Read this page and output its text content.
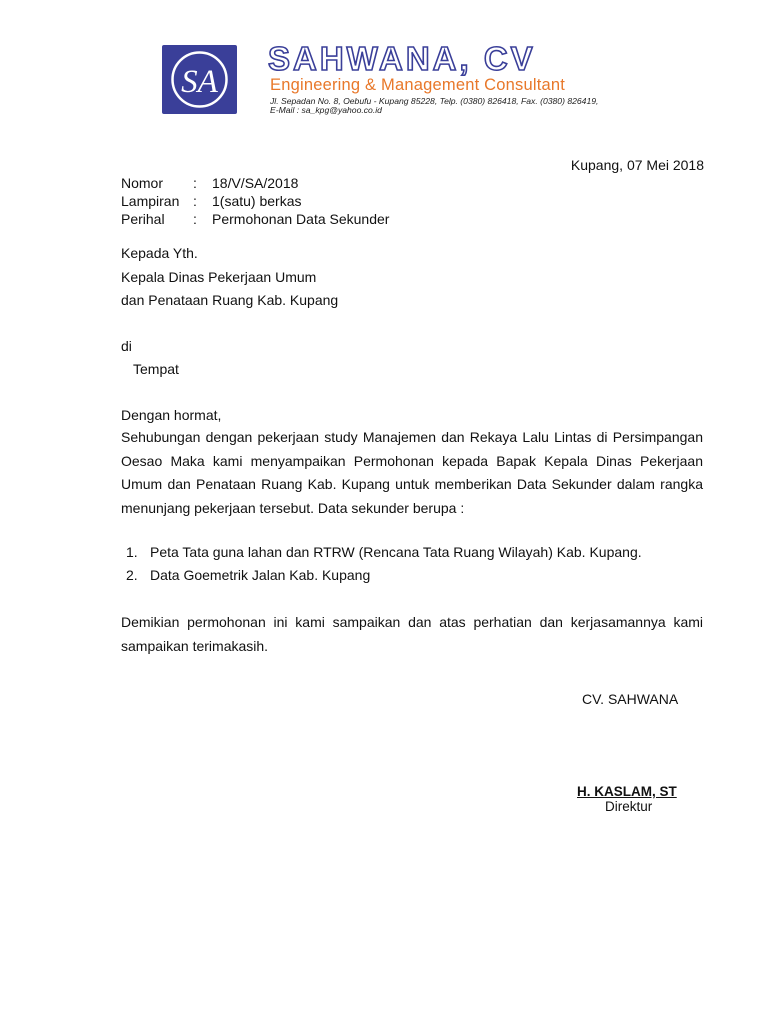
SA
SAHWANA, CV
Engineering & Management Consultant
Jl. Sepadan No. 8, Oebufu - Kupang 85228, Telp. (0380) 826418, Fax. (0380) 826419,
E-Mail : sa_kpg@yahoo.co.id
Kupang, 07 Mei 2018
Nomor : 18/V/SA/2018
Lampiran : 1(satu) berkas
Perihal : Permohonan Data Sekunder
Kepada Yth.
Kepala Dinas Pekerjaan Umum
dan Penataan Ruang Kab. Kupang
di
Tempat
Dengan hormat,
Sehubungan dengan pekerjaan study Manajemen dan Rekaya Lalu Lintas di Persimpangan Oesao Maka kami menyampaikan Permohonan kepada Bapak Kepala Dinas Pekerjaan Umum dan Penataan Ruang Kab. Kupang untuk memberikan Data Sekunder dalam rangka menunjang pekerjaan tersebut. Data sekunder berupa :
1. Peta Tata guna lahan dan RTRW (Rencana Tata Ruang Wilayah) Kab. Kupang.
2. Data Goemetrik Jalan Kab. Kupang
Demikian permohonan ini kami sampaikan dan atas perhatian dan kerjasamannya kami sampaikan terimakasih.
CV. SAHWANA
H. KASLAM, ST
Direktur
